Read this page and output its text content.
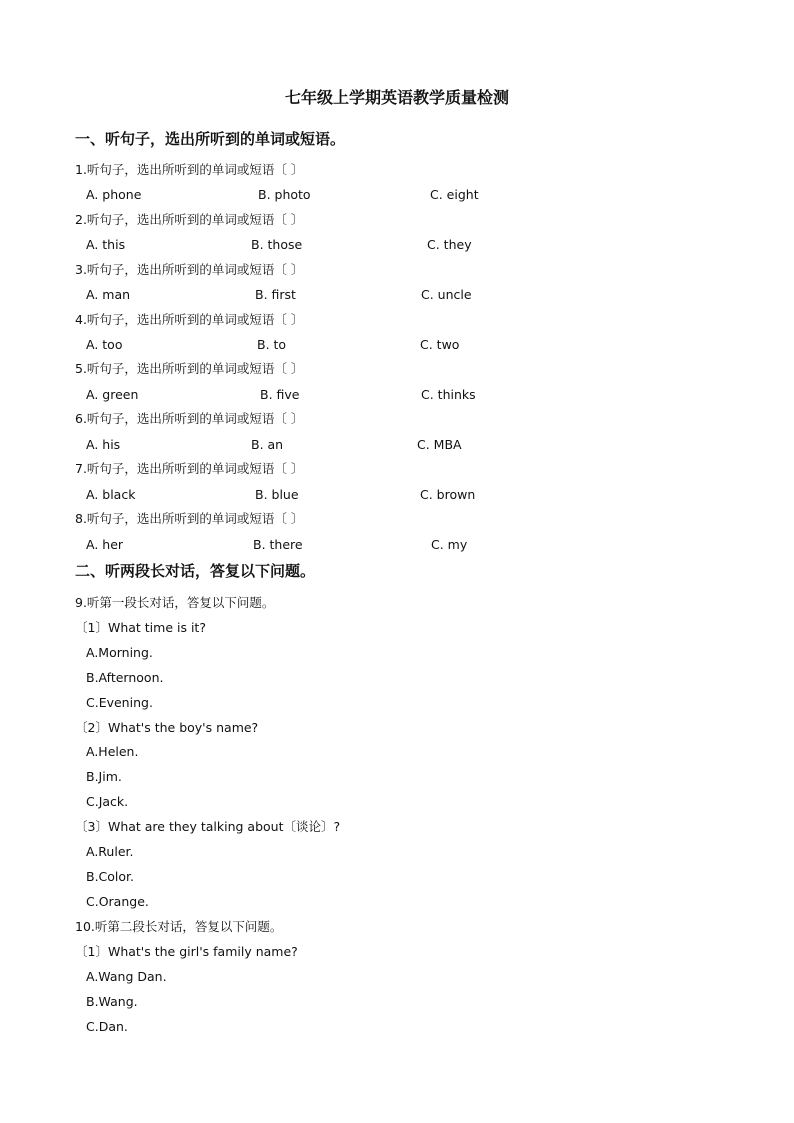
七年级上学期英语教学质量检测
一、听句子，选出所听到的单词或短语。
1.听句子，选出所听到的单词或短语〔 〕
A. phone	B. photo	C. eight
2.听句子，选出所听到的单词或短语〔 〕
A. this	B. those	C. they
3.听句子，选出所听到的单词或短语〔 〕
A. man	B. first	C. uncle
4.听句子，选出所听到的单词或短语〔 〕
A. too	B. to	C. two
5.听句子，选出所听到的单词或短语〔 〕
A. green	B. five	C. thinks
6.听句子，选出所听到的单词或短语〔 〕
A. his	B. an	C. MBA
7.听句子，选出所听到的单词或短语〔 〕
A. black	B. blue	C. brown
8.听句子，选出所听到的单词或短语〔 〕
A. her	B. there	C. my
二、听两段长对话，答复以下问题。
9.听第一段长对话，答复以下问题。
〔1〕What time is it?
A.Morning.
B.Afternoon.
C.Evening.
〔2〕What's the boy's name?
A.Helen.
B.Jim.
C.Jack.
〔3〕What are they talking about〔谈论〕?
A.Ruler.
B.Color.
C.Orange.
10.听第二段长对话，答复以下问题。
〔1〕What's the girl's family name?
A.Wang Dan.
B.Wang.
C.Dan.
